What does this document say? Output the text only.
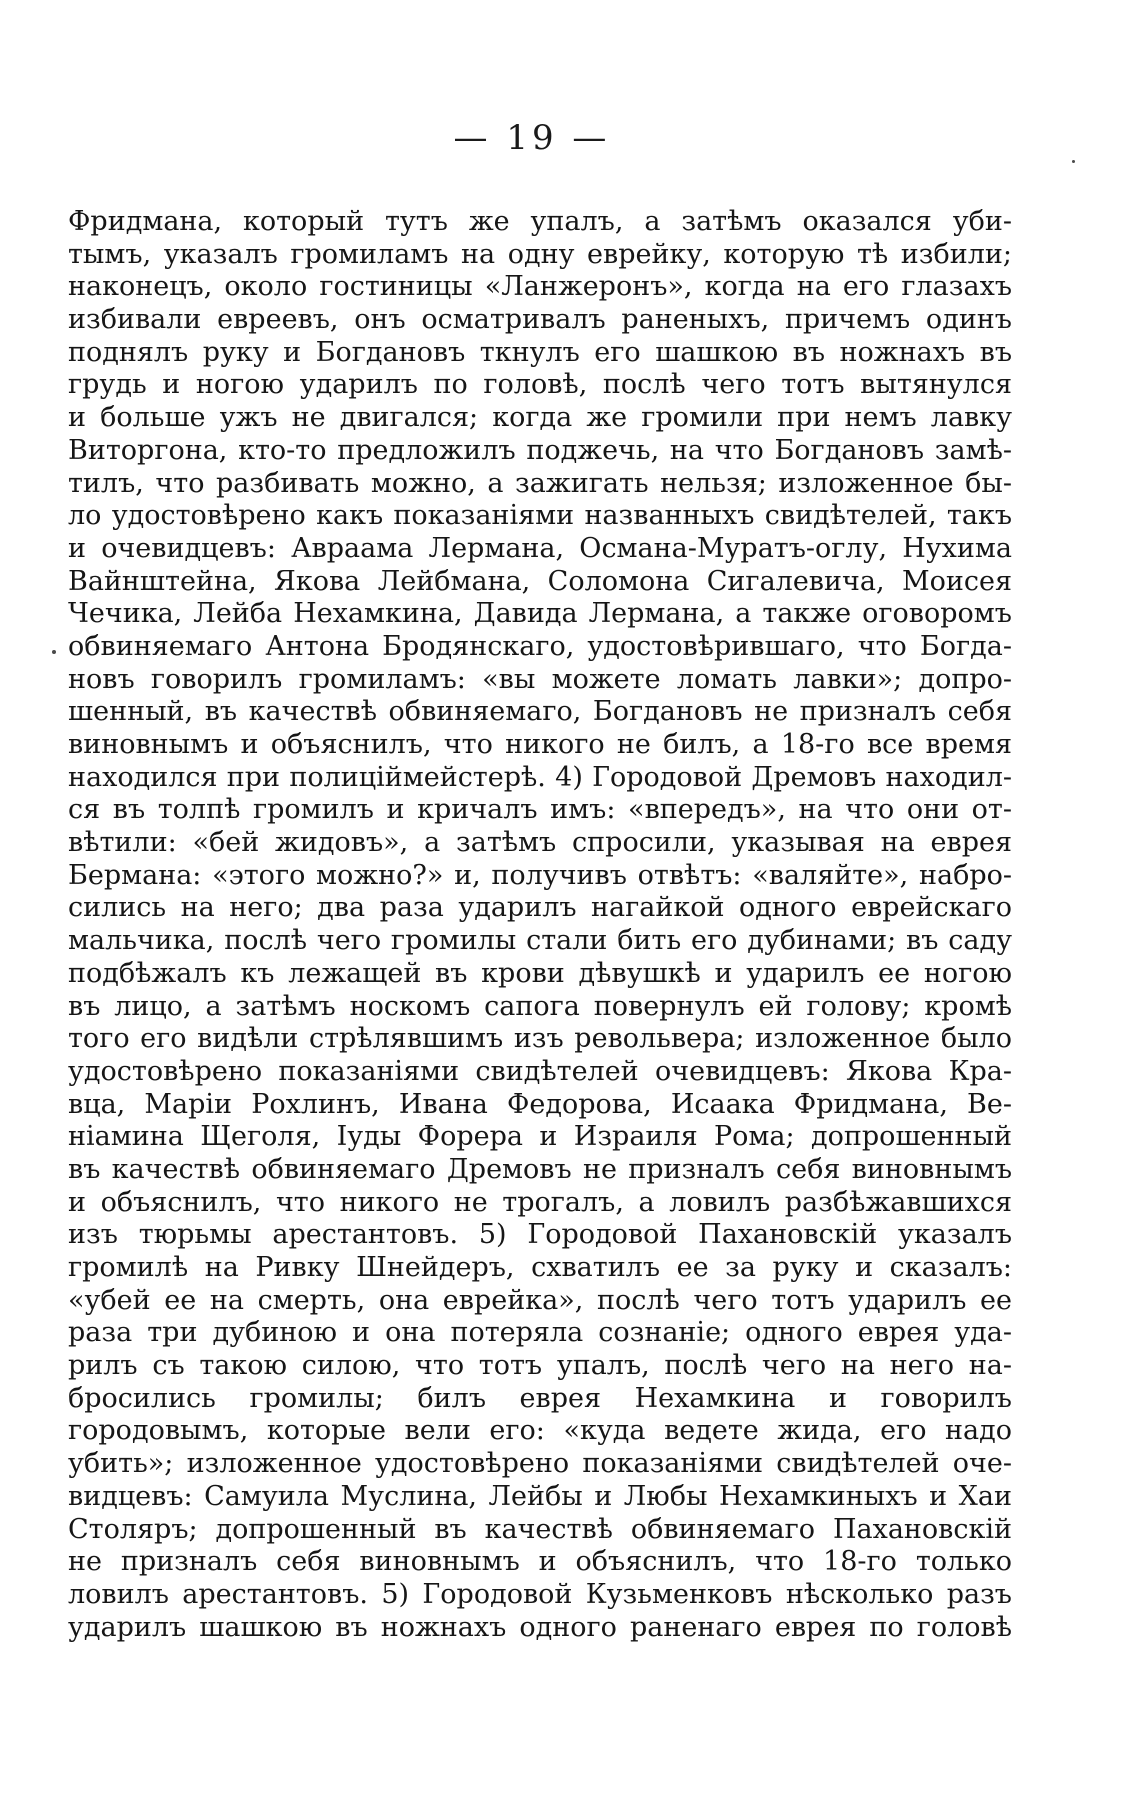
— 19 —
Фридмана, который тутъ же упалъ, а затѣмъ оказался уби-
тымъ, указалъ громиламъ на одну еврейку, которую тѣ избили;
наконецъ, около гостиницы «Ланжеронъ», когда на его глазахъ
избивали евреевъ, онъ осматривалъ раненыхъ, причемъ одинъ
поднялъ руку и Богдановъ ткнулъ его шашкою въ ножнахъ въ
грудь и ногою ударилъ по головѣ, послѣ чего тотъ вытянулся
и больше ужъ не двигался; когда же громили при немъ лавку
Виторгона, кто-то предложилъ поджечь, на что Богдановъ замѣ-
тилъ, что разбивать можно, а зажигать нельзя; изложенное бы-
ло удостовѣрено какъ показаніями названныхъ свидѣтелей, такъ
и очевидцевъ: Авраама Лермана, Османа-Муратъ-оглу, Нухима
Вайнштейна, Якова Лейбмана, Соломона Сигалевича, Моисея
Чечика, Лейба Нехамкина, Давида Лермана, а также оговоромъ
обвиняемаго Антона Бродянскаго, удостовѣрившаго, что Богда-
новъ говорилъ громиламъ: «вы можете ломать лавки»; допро-
шенный, въ качествѣ обвиняемаго, Богдановъ не призналъ себя
виновнымъ и объяснилъ, что никого не билъ, а 18-го все время
находился при полиціймейстерѣ. 4) Городовой Дремовъ находил-
ся въ толпѣ громилъ и кричалъ имъ: «впередъ», на что они от-
вѣтили: «бей жидовъ», а затѣмъ спросили, указывая на еврея
Бермана: «этого можно?» и, получивъ отвѣтъ: «валяйте», набро-
сились на него; два раза ударилъ нагайкой одного еврейскаго
мальчика, послѣ чего громилы стали бить его дубинами; въ саду
подбѣжалъ къ лежащей въ крови дѣвушкѣ и ударилъ ее ногою
въ лицо, а затѣмъ носкомъ сапога повернулъ ей голову; кромѣ
того его видѣли стрѣлявшимъ изъ револьвера; изложенное было
удостовѣрено показаніями свидѣтелей очевидцевъ: Якова Кра-
вца, Маріи Рохлинъ, Ивана Федорова, Исаака Фридмана, Ве-
ніамина Щеголя, Іуды Форера и Израиля Рома; допрошенный
въ качествѣ обвиняемаго Дремовъ не призналъ себя виновнымъ
и объяснилъ, что никого не трогалъ, а ловилъ разбѣжавшихся
изъ тюрьмы арестантовъ. 5) Городовой Пахановскій указалъ
громилѣ на Ривку Шнейдеръ, схватилъ ее за руку и сказалъ:
«убей ее на смерть, она еврейка», послѣ чего тотъ ударилъ ее
раза три дубиною и она потеряла сознаніе; одного еврея уда-
рилъ съ такою силою, что тотъ упалъ, послѣ чего на него на-
бросились громилы; билъ еврея Нехамкина и говорилъ
городовымъ, которые вели его: «куда ведете жида, его надо
убить»; изложенное удостовѣрено показаніями свидѣтелей оче-
видцевъ: Самуила Муслина, Лейбы и Любы Нехамкиныхъ и Хаи
Столяръ; допрошенный въ качествѣ обвиняемаго Пахановскій
не призналъ себя виновнымъ и объяснилъ, что 18-го только
ловилъ арестантовъ. 5) Городовой Кузьменковъ нѣсколько разъ
ударилъ шашкою въ ножнахъ одного раненаго еврея по головѣ
